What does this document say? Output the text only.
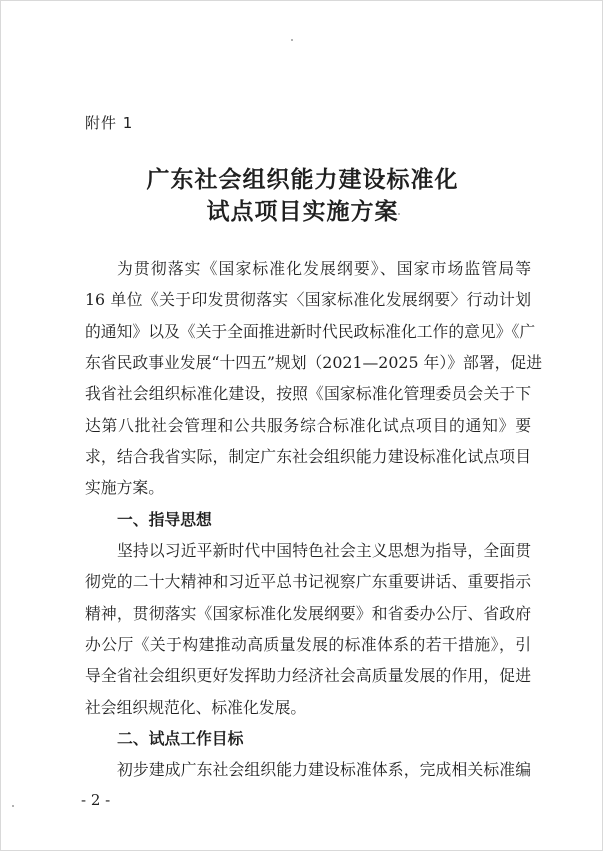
附件 1
广东社会组织能力建设标准化
试点项目实施方案
为贯彻落实《国家标准化发展纲要》、国家市场监管局等
16 单位《关于印发贯彻落实〈国家标准化发展纲要〉行动计划
的通知》以及《关于全面推进新时代民政标准化工作的意见》《广
东省民政事业发展“十四五”规划（2021—2025 年）》部署，促进
我省社会组织标准化建设，按照《国家标准化管理委员会关于下
达第八批社会管理和公共服务综合标准化试点项目的通知》要
求，结合我省实际，制定广东社会组织能力建设标准化试点项目
实施方案。
一、指导思想
坚持以习近平新时代中国特色社会主义思想为指导，全面贯
彻党的二十大精神和习近平总书记视察广东重要讲话、重要指示
精神，贯彻落实《国家标准化发展纲要》和省委办公厅、省政府
办公厅《关于构建推动高质量发展的标准体系的若干措施》，引
导全省社会组织更好发挥助力经济社会高质量发展的作用，促进
社会组织规范化、标准化发展。
二、试点工作目标
初步建成广东社会组织能力建设标准体系，完成相关标准编
- 2 -
